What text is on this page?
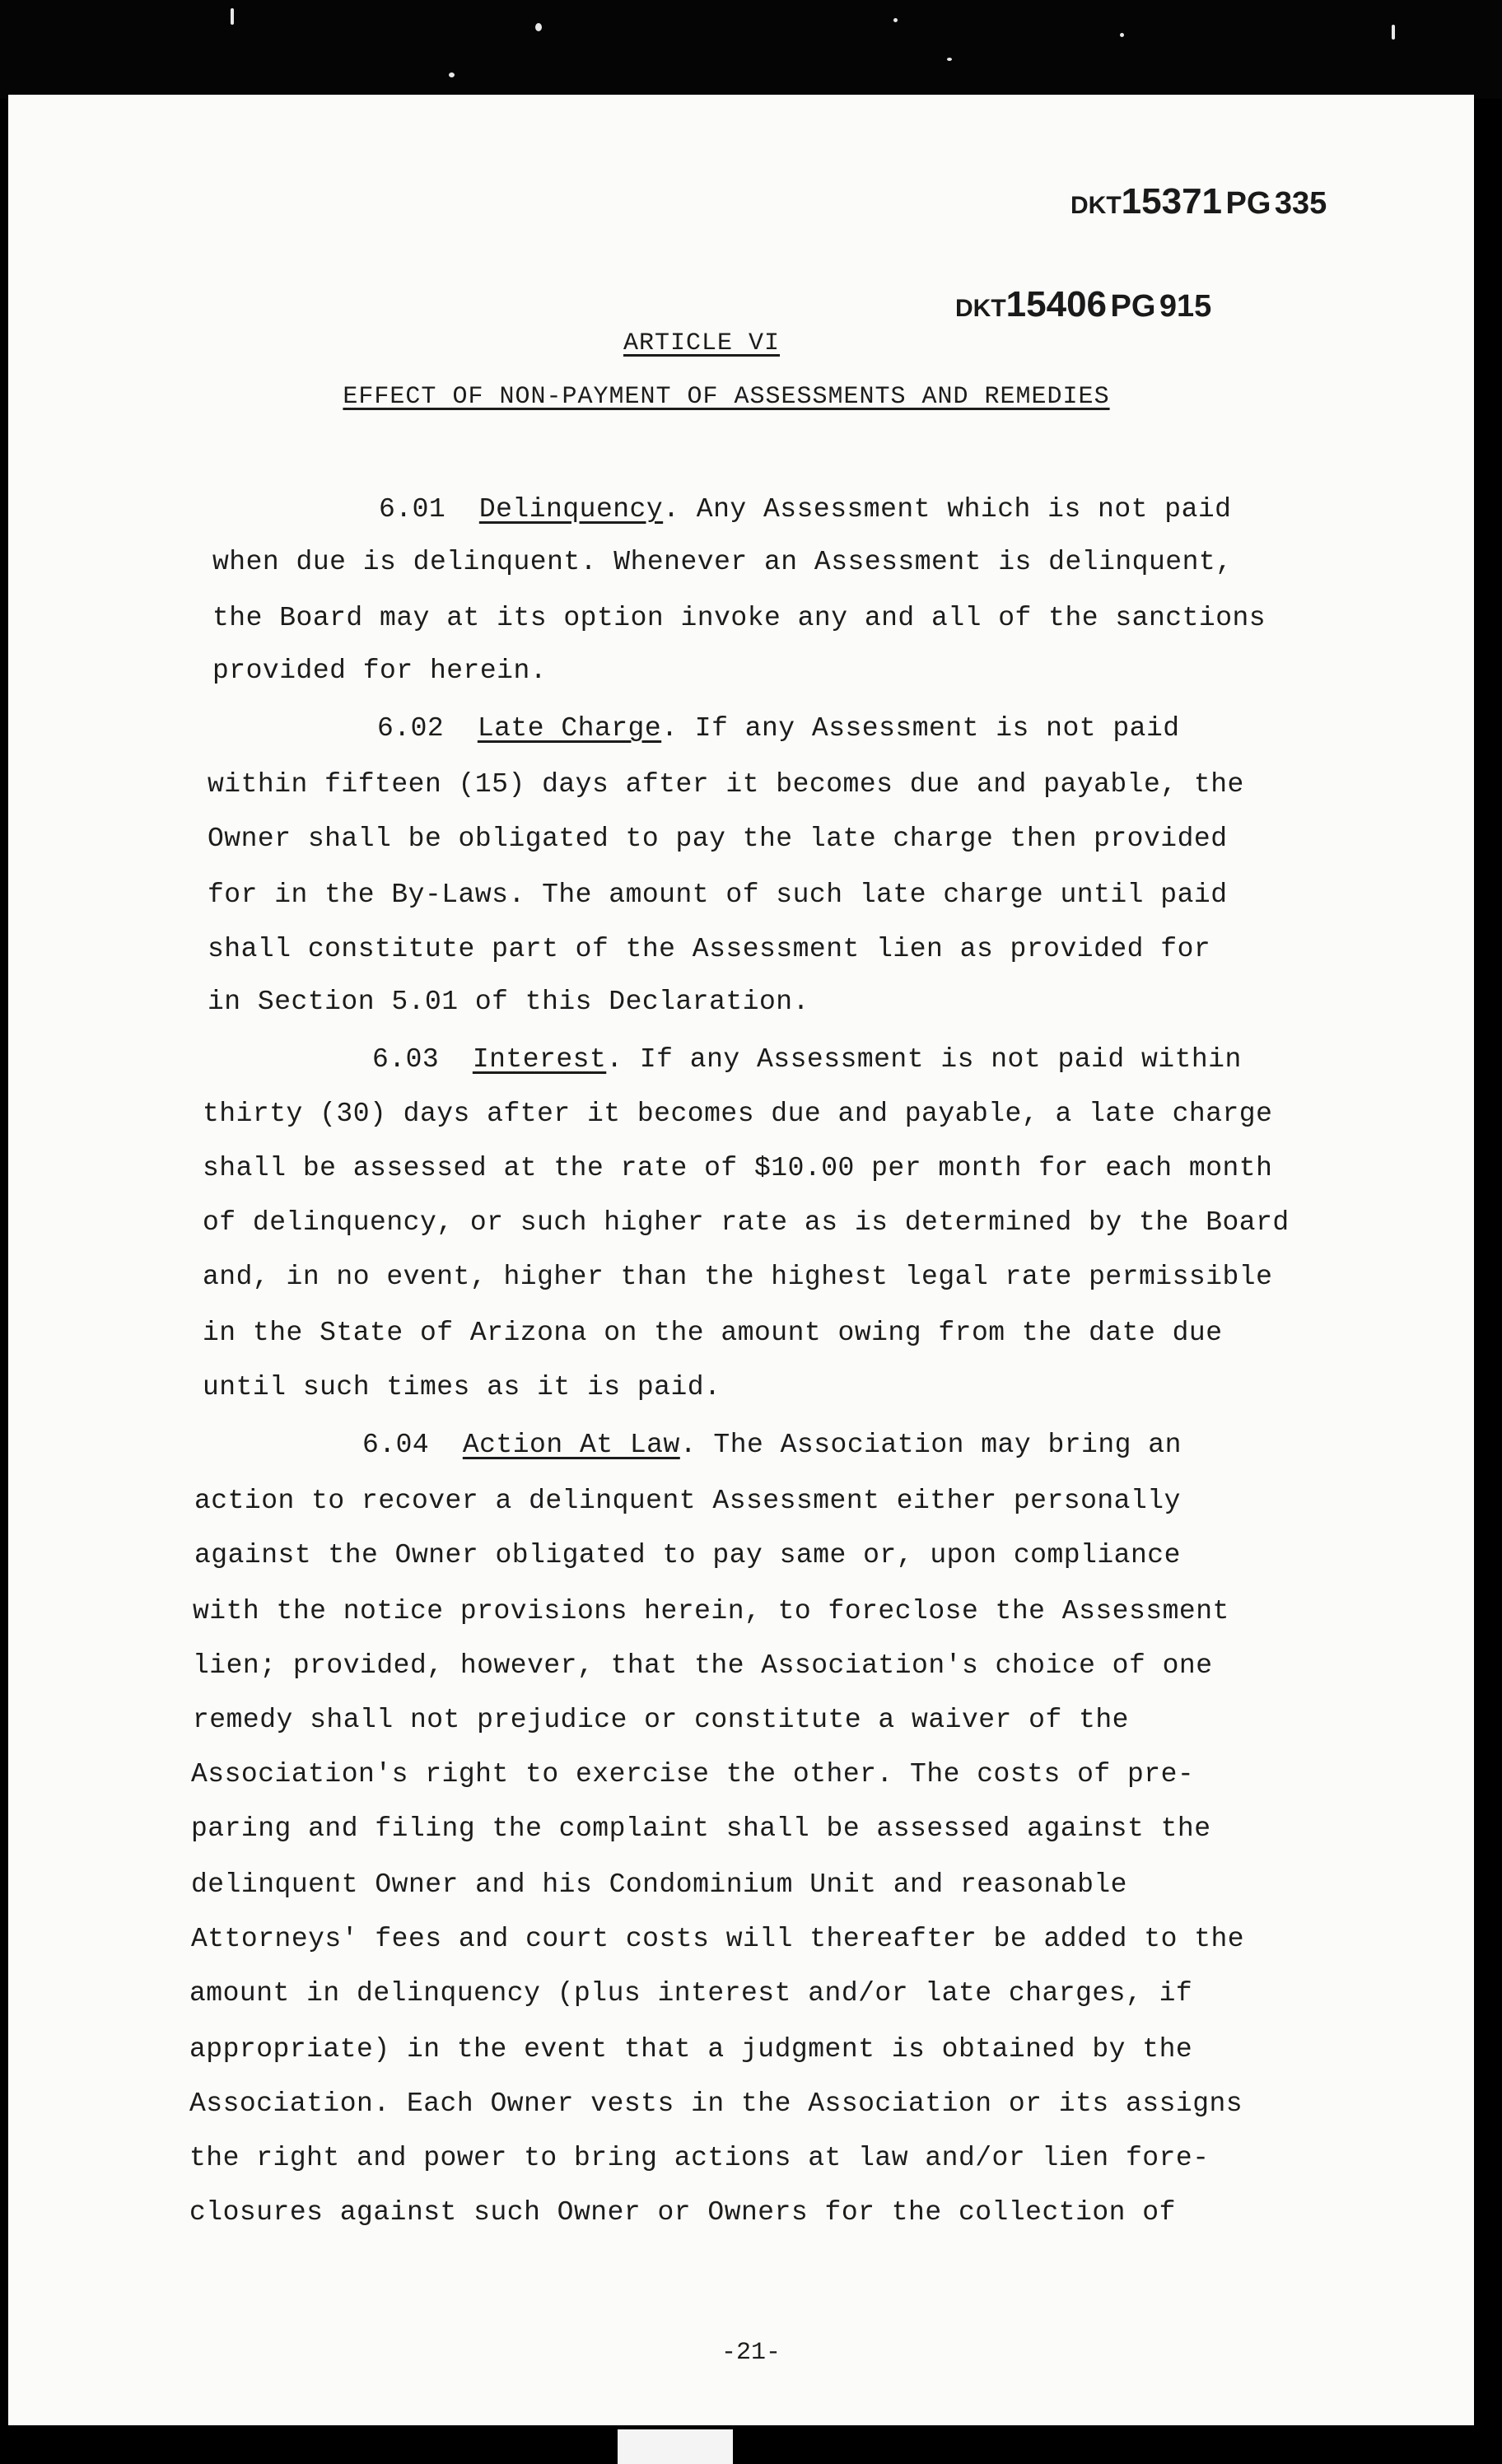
DKT15371 PG 335
DKT15406 PG 915
ARTICLE VI
EFFECT OF NON-PAYMENT OF ASSESSMENTS AND REMEDIES
6.01 Delinquency. Any Assessment which is not paid
when due is delinquent. Whenever an Assessment is delinquent,
the Board may at its option invoke any and all of the sanctions
provided for herein.
6.02 Late Charge. If any Assessment is not paid
within fifteen (15) days after it becomes due and payable, the
Owner shall be obligated to pay the late charge then provided
for in the By-Laws. The amount of such late charge until paid
shall constitute part of the Assessment lien as provided for
in Section 5.01 of this Declaration.
6.03 Interest. If any Assessment is not paid within
thirty (30) days after it becomes due and payable, a late charge
shall be assessed at the rate of $10.00 per month for each month
of delinquency, or such higher rate as is determined by the Board
and, in no event, higher than the highest legal rate permissible
in the State of Arizona on the amount owing from the date due
until such times as it is paid.
6.04 Action At Law. The Association may bring an
action to recover a delinquent Assessment either personally
against the Owner obligated to pay same or, upon compliance
with the notice provisions herein, to foreclose the Assessment
lien; provided, however, that the Association's choice of one
remedy shall not prejudice or constitute a waiver of the
Association's right to exercise the other. The costs of pre-
paring and filing the complaint shall be assessed against the
delinquent Owner and his Condominium Unit and reasonable
Attorneys' fees and court costs will thereafter be added to the
amount in delinquency (plus interest and/or late charges, if
appropriate) in the event that a judgment is obtained by the
Association. Each Owner vests in the Association or its assigns
the right and power to bring actions at law and/or lien fore-
closures against such Owner or Owners for the collection of
-21-
